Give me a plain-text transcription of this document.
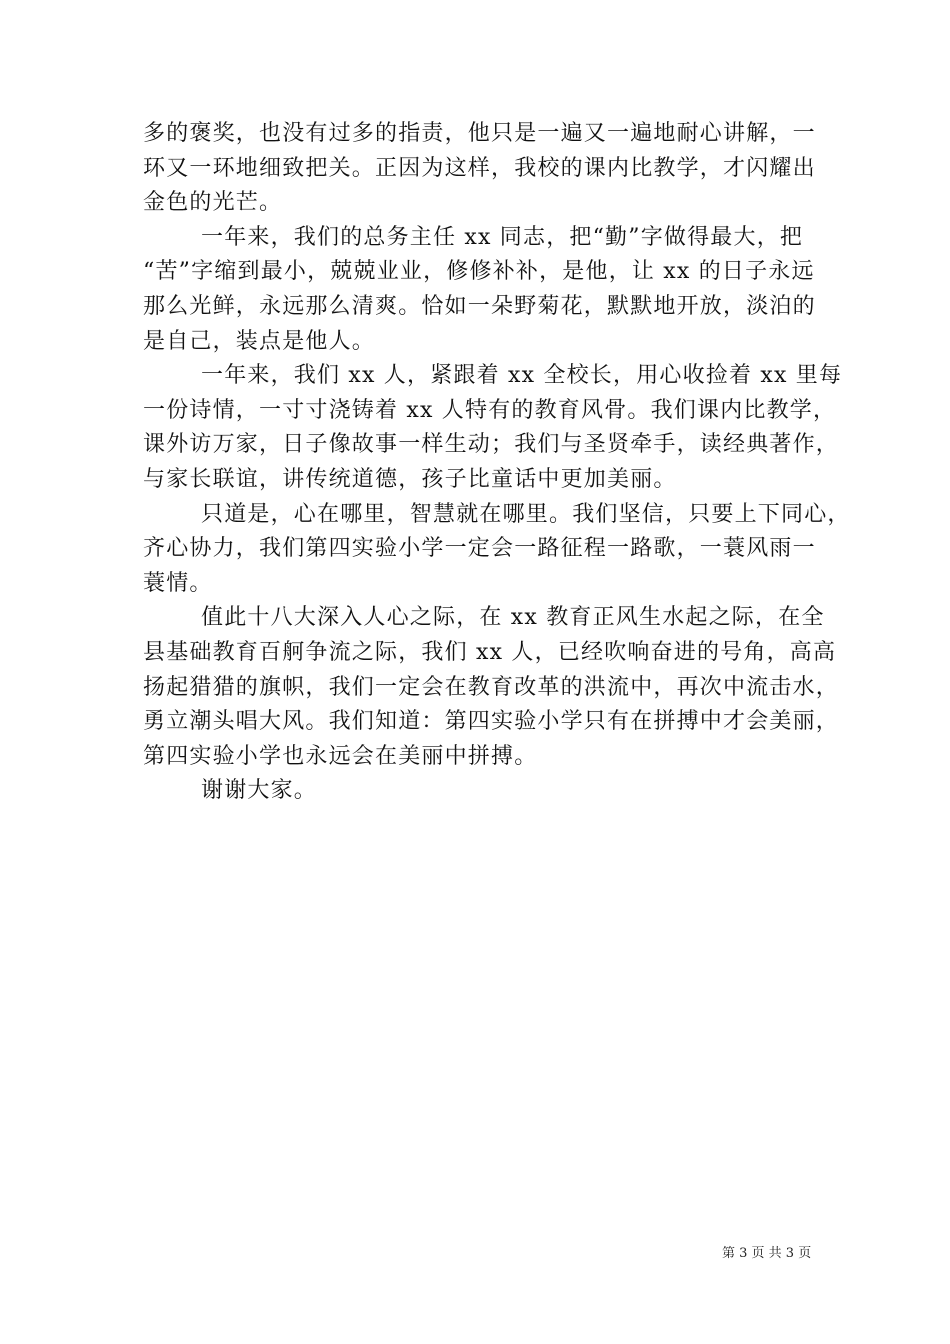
多的褒奖，也没有过多的指责，他只是一遍又一遍地耐心讲解，一
环又一环地细致把关。正因为这样，我校的课内比教学，才闪耀出
金色的光芒。
一年来，我们的总务主任 xx 同志，把“勤”字做得最大，把
“苦”字缩到最小，兢兢业业，修修补补，是他，让 xx 的日子永远
那么光鲜，永远那么清爽。恰如一朵野菊花，默默地开放，淡泊的
是自己，装点是他人。
一年来，我们 xx 人，紧跟着 xx 全校长，用心收捡着 xx 里每
一份诗情，一寸寸浇铸着 xx 人特有的教育风骨。我们课内比教学，
课外访万家，日子像故事一样生动；我们与圣贤牵手，读经典著作，
与家长联谊，讲传统道德，孩子比童话中更加美丽。
只道是，心在哪里，智慧就在哪里。我们坚信，只要上下同心，
齐心协力，我们第四实验小学一定会一路征程一路歌，一蓑风雨一
蓑情。
值此十八大深入人心之际，在 xx 教育正风生水起之际，在全
县基础教育百舸争流之际，我们 xx 人，已经吹响奋进的号角，高高
扬起猎猎的旗帜，我们一定会在教育改革的洪流中，再次中流击水，
勇立潮头唱大风。我们知道：第四实验小学只有在拼搏中才会美丽，
第四实验小学也永远会在美丽中拼搏。
谢谢大家。
第 3 页 共 3 页
